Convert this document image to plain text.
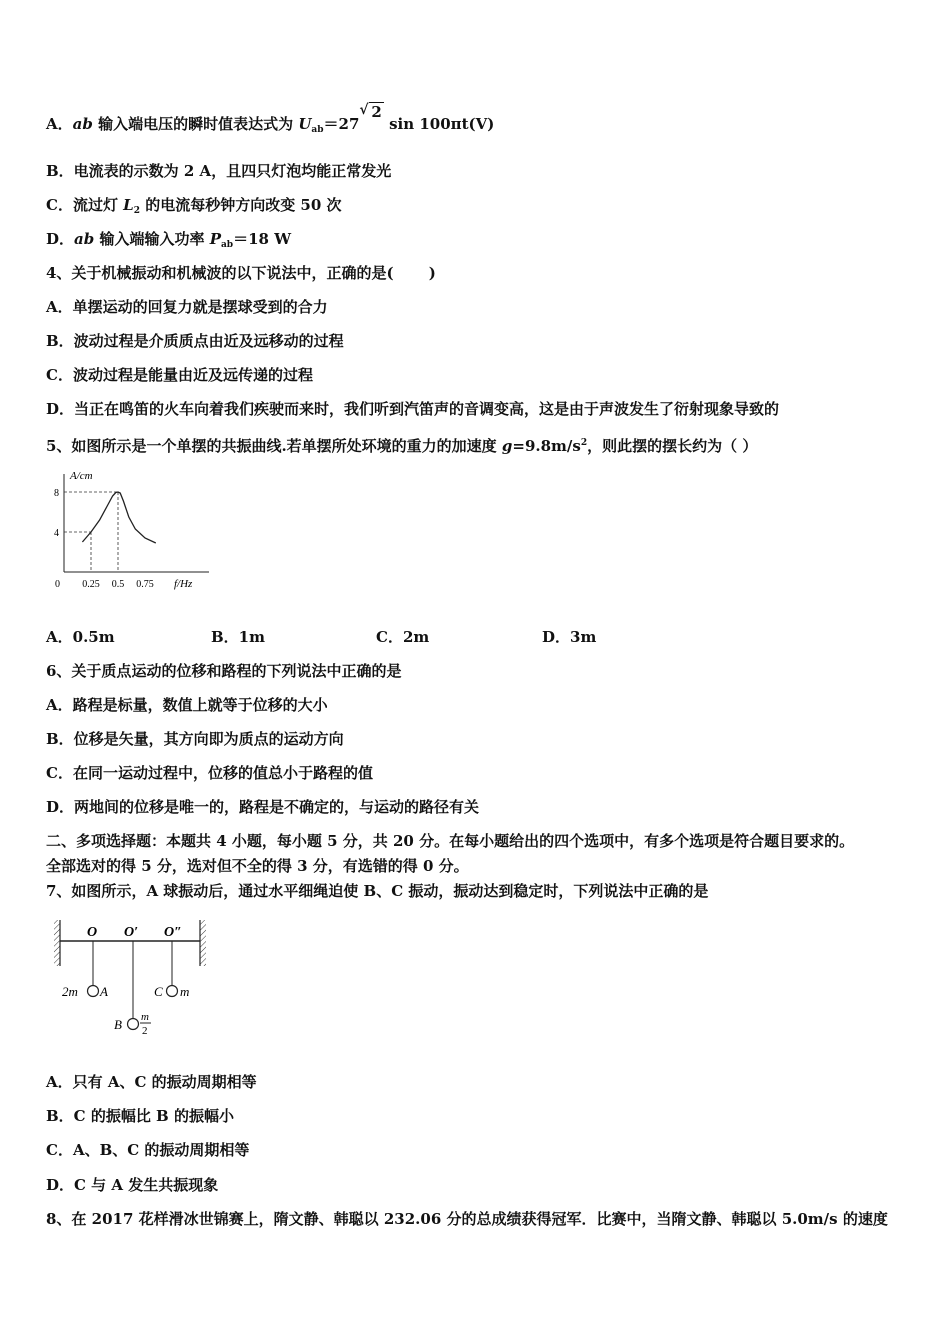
A．ab 输入端电压的瞬时值表达式为 $U_{ab}=27$
√ 2 sin 100πt(V)
B．电流表的示数为 2 A，且四只灯泡均能正常发光
C．流过灯 $L_2$ 的电流每秒钟方向改变 50 次
D．ab 输入端输入功率 $P_{ab}=18$ W
4、关于机械振动和机械波的以下说法中，正确的是(　　 )
A．单摆运动的回复力就是摆球受到的合力
B．波动过程是介质质点由近及远移动的过程
C．波动过程是能量由近及远传递的过程
D．当正在鸣笛的火车向着我们疾驶而来时，我们听到汽笛声的音调变高，这是由于声波发生了衍射现象导致的
5、如图所示是一个单摆的共振曲线.若单摆所处环境的重力的加速度 $g=9.8m/s^2$，则此摆的摆长约为（ ）
0 0.25 0.5 0.75
4
8
A/cm
f/Hz
A．0.5m	B．1m	C．2m	D．3m
6、关于质点运动的位移和路程的下列说法中正确的是
A．路程是标量，数值上就等于位移的大小
B．位移是矢量，其方向即为质点的运动方向
C．在同一运动过程中，位移的值总小于路程的值
D．两地间的位移是唯一的，路程是不确定的，与运动的路径有关
二、多项选择题：本题共 4 小题，每小题 5 分，共 20 分。在每小题给出的四个选项中，有多个选项是符合题目要求的。
全部选对的得 5 分，选对但不全的得 3 分，有选错的得 0 分。
7、如图所示，A 球振动后，通过水平细绳迫使 B、C 振动，振动达到稳定时，下列说法中正确的是
O O′ O″
2m A
B m
2
C m
A．只有 A、C 的振动周期相等
B．C 的振幅比 B 的振幅小
C．A、B、C 的振动周期相等
D．C 与 A 发生共振现象
8、在 2017 花样滑冰世锦赛上，隋文静、韩聪以 232.06 分的总成绩获得冠军．比赛中，当隋文静、韩聪以 5.0m/s 的速度
